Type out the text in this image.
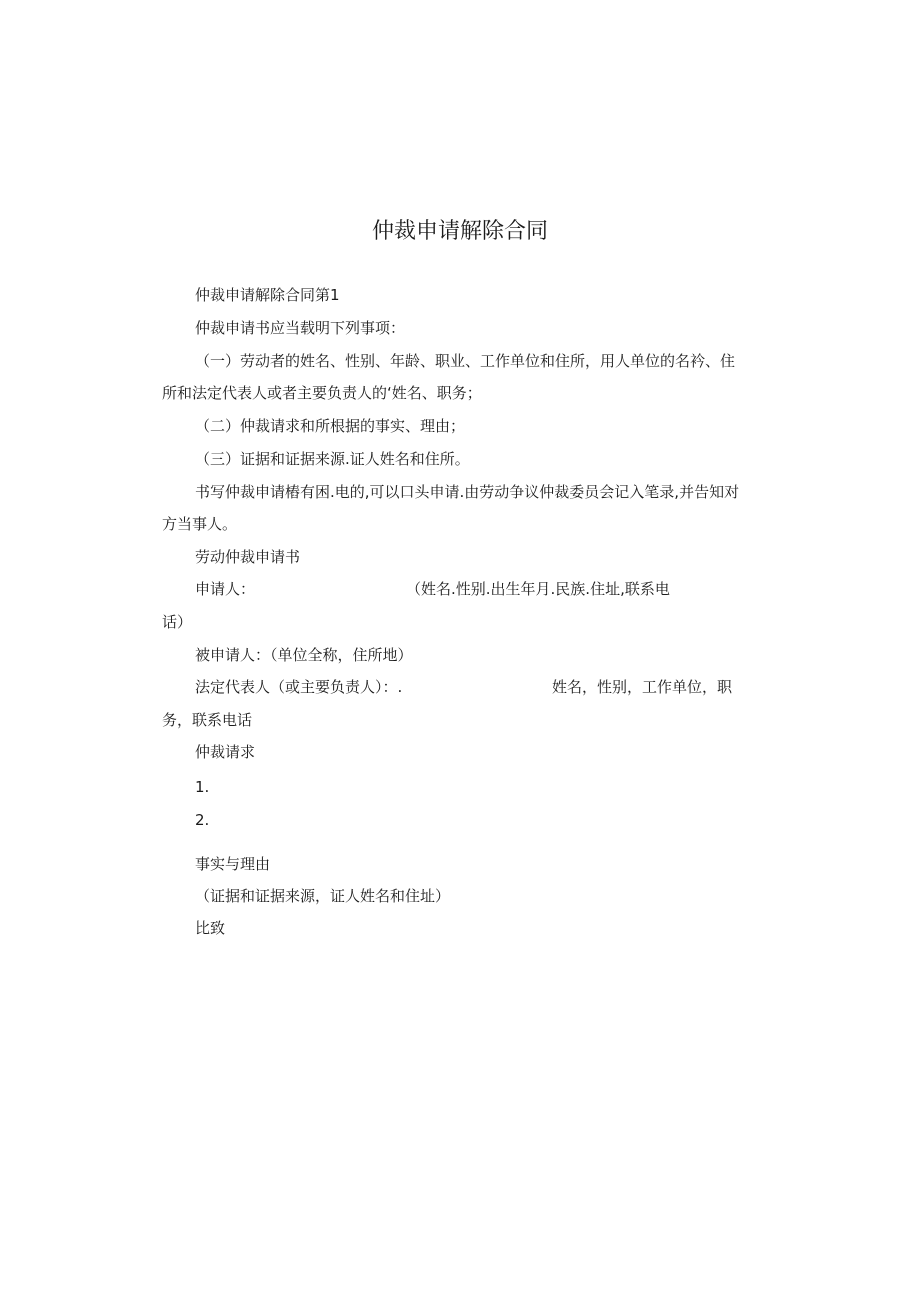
仲裁申请解除合同
仲裁申请解除合同第1
仲裁申请书应当载明下列事项：
（一）劳动者的姓名、性别、年龄、职业、工作单位和住所，用人单位的名衿、住
所和法定代表人或者主要负责人的‘姓名、职务；
（二）仲裁请求和所根据的事实、理由；
（三）证据和证据来源.证人姓名和住所。
书写仲裁申请樁有困.电的,可以口头申请.由劳动争议仲裁委员会记入笔录,并告知对
方当事人。
劳动仲裁申请书
申请人：	（姓名.性别.出生年月.民族.住址,联系电
话）
被申请人：（单位全称，住所地）
法定代表人（或主要负责人）：.	姓名，性别，工作单位，职
务，联系电话
仲裁请求
1.
2.
事实与理由
（证据和证据来源，证人姓名和住址）
比致
